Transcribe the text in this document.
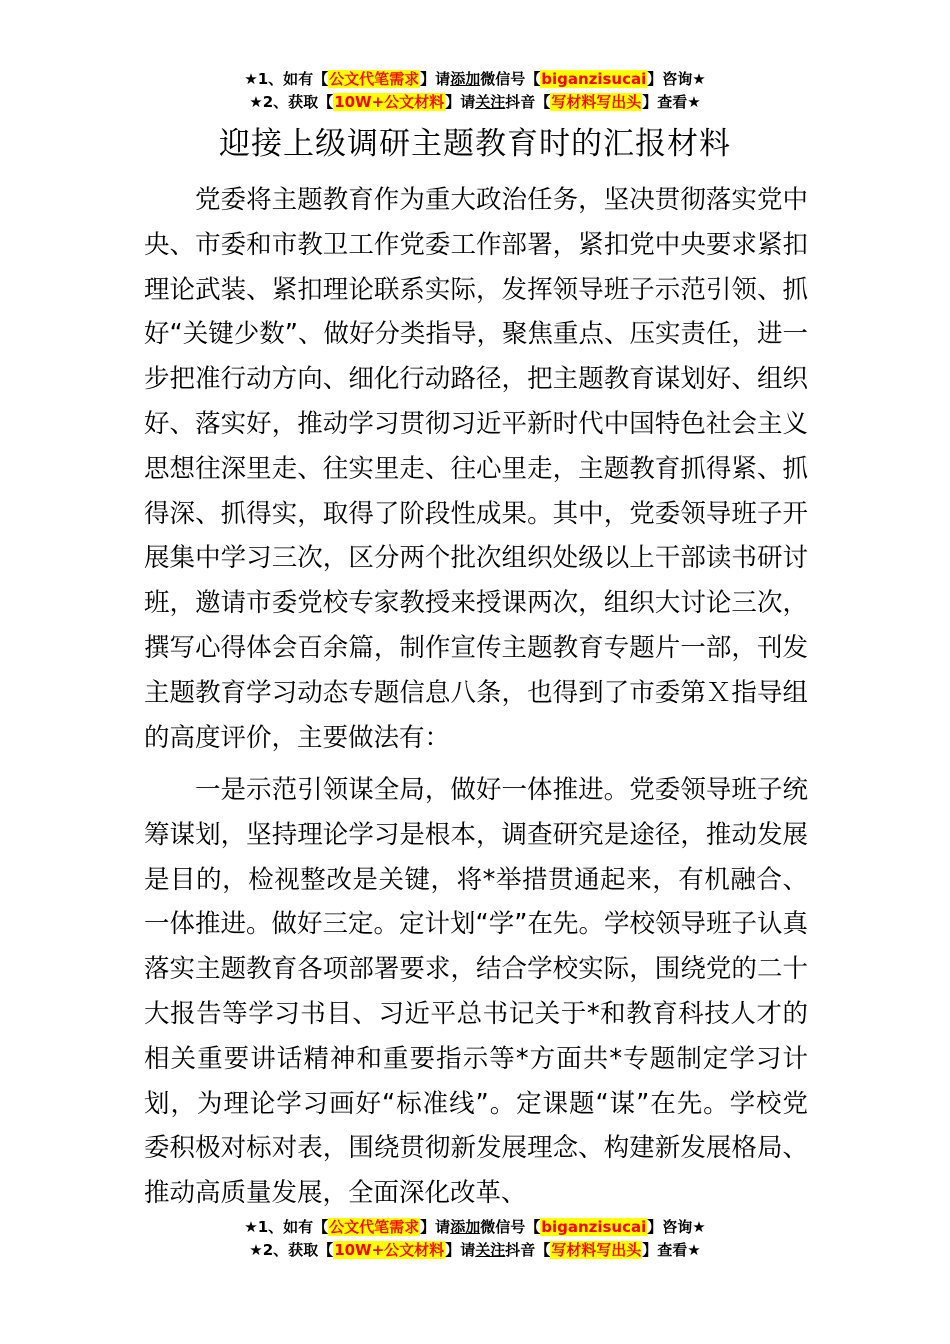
★1、如有【公文代笔需求】请添加微信号【biganzisucai】咨询★
★2、获取【10W+公文材料】请关注抖音【写材料写出头】查看★
迎接上级调研主题教育时的汇报材料

党委将主题教育作为重大政治任务，坚决贯彻落实党中央、市委和市教卫工作党委工作部署，紧扣党中央要求紧扣理论武装、紧扣理论联系实际，发挥领导班子示范引领、抓好“关键少数”、做好分类指导，聚焦重点、压实责任，进一步把准行动方向、细化行动路径，把主题教育谋划好、组织好、落实好，推动学习贯彻习近平新时代中国特色社会主义思想往深里走、往实里走、往心里走，主题教育抓得紧、抓得深、抓得实，取得了阶段性成果。其中，党委领导班子开展集中学习三次，区分两个批次组织处级以上干部读书研讨班，邀请市委党校专家教授来授课两次，组织大讨论三次，撰写心得体会百余篇，制作宣传主题教育专题片一部，刊发主题教育学习动态专题信息八条，也得到了市委第Ｘ指导组的高度评价，主要做法有：

一是示范引领谋全局，做好一体推进。党委领导班子统筹谋划，坚持理论学习是根本，调查研究是途径，推动发展是目的，检视整改是关键，将*举措贯通起来，有机融合、一体推进。做好三定。定计划“学”在先。学校领导班子认真落实主题教育各项部署要求，结合学校实际，围绕党的二十大报告等学习书目、习近平总书记关于*和教育科技人才的相关重要讲话精神和重要指示等*方面共*专题制定学习计划，为理论学习画好“标准线”。定课题“谋”在先。学校党委积极对标对表，围绕贯彻新发展理念、构建新发展格局、推动高质量发展，全面深化改革、

★1、如有【公文代笔需求】请添加微信号【biganzisucai】咨询★
★2、获取【10W+公文材料】请关注抖音【写材料写出头】查看★
